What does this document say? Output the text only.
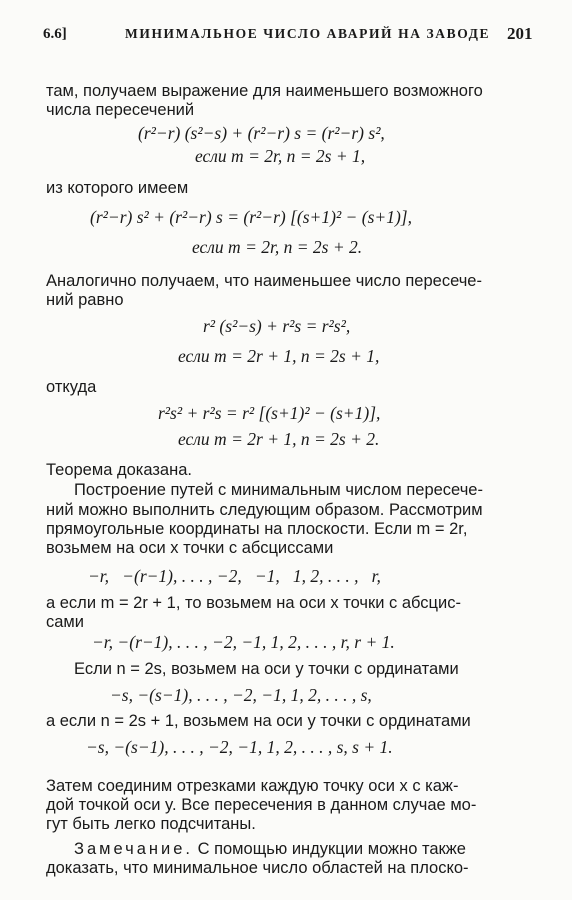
6.6]	МИНИМАЛЬНОЕ ЧИСЛО АВАРИЙ НА ЗАВОДЕ 201
там, получаем выражение для наименьшего возможного
числа пересечений
(r²−r) (s²−s) + (r²−r) s = (r²−r) s²,
если m = 2r, n = 2s + 1,
из которого имеем
(r²−r) s² + (r²−r) s = (r²−r) [(s+1)² − (s+1)],
если m = 2r, n = 2s + 2.
Аналогично получаем, что наименьшее число пересече-
ний равно
r² (s²−s) + r²s = r²s²,
если m = 2r + 1, n = 2s + 1,
откуда
r²s² + r²s = r² [(s+1)² − (s+1)],
если m = 2r + 1, n = 2s + 2.
Теорема доказана.
Построение путей с минимальным числом пересече-
ний можно выполнить следующим образом. Рассмотрим
прямоугольные координаты на плоскости. Если m = 2r,
возьмем на оси x точки с абсциссами
−r,   −(r−1), . . . , −2,   −1,   1, 2, . . . ,   r,
а если m = 2r + 1, то возьмем на оси x точки с абсцис-
сами
−r, −(r−1), . . . , −2, −1, 1, 2, . . . , r, r + 1.
Если n = 2s, возьмем на оси y точки с ординатами
−s, −(s−1), . . . , −2, −1, 1, 2, . . . , s,
а если n = 2s + 1, возьмем на оси y точки с ординатами
−s, −(s−1), . . . , −2, −1, 1, 2, . . . , s, s + 1.
Затем соединим отрезками каждую точку оси x с каж-
дой точкой оси y. Все пересечения в данном случае мо-
гут быть легко подсчитаны.
Замечание. С помощью индукции можно также
доказать, что минимальное число областей на плоско-
